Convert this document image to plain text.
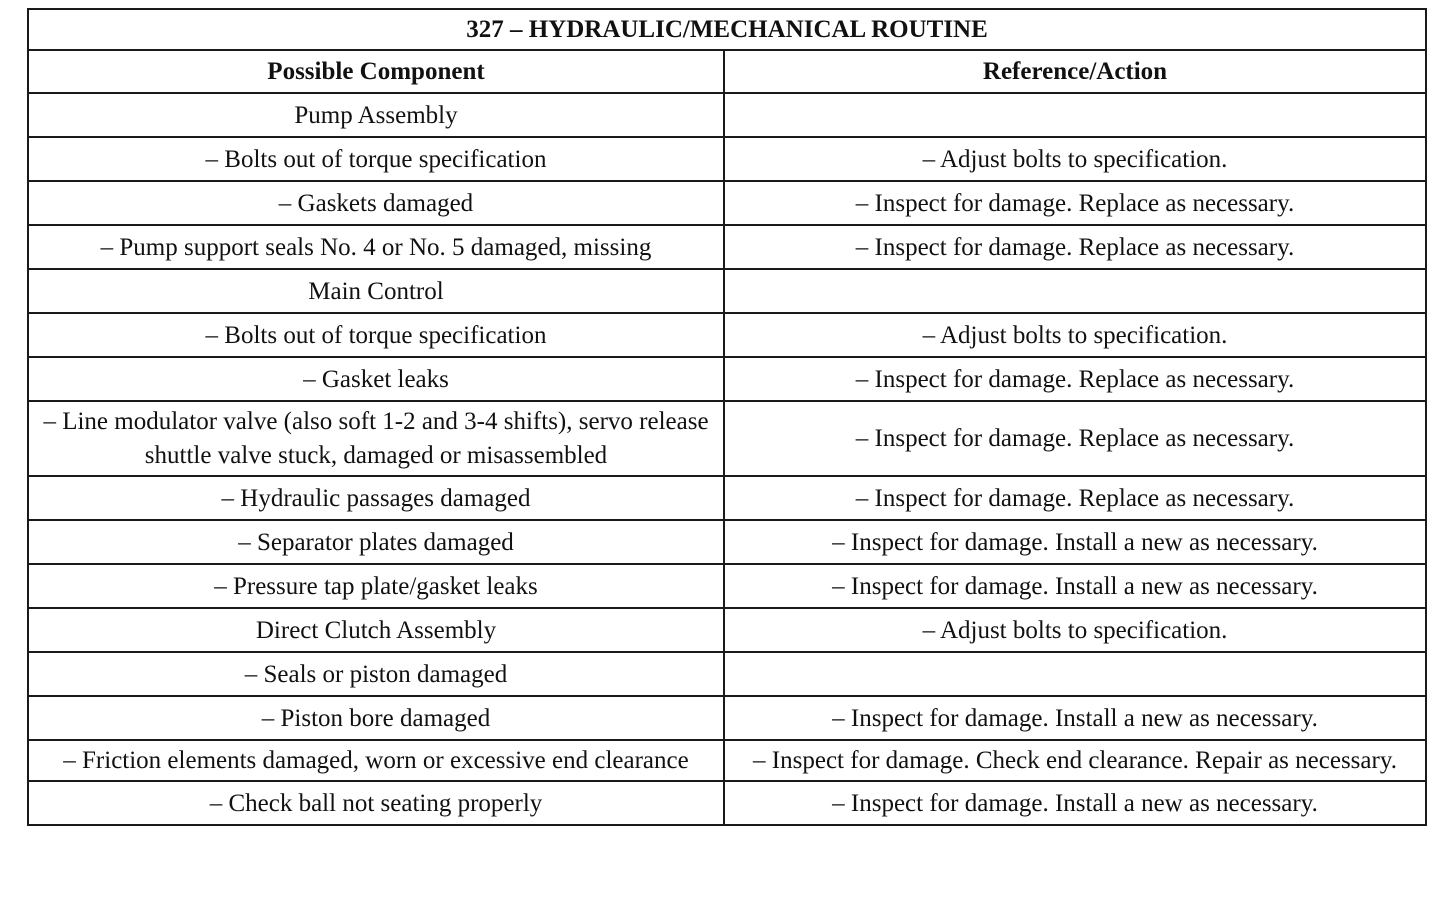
327 – HYDRAULIC/MECHANICAL ROUTINE	
Possible Component	Reference/Action
Pump Assembly	
– Bolts out of torque specification	– Adjust bolts to specification.
– Gaskets damaged	– Inspect for damage. Replace as necessary.
– Pump support seals No. 4 or No. 5 damaged, missing	– Inspect for damage. Replace as necessary.
Main Control	
– Bolts out of torque specification	– Adjust bolts to specification.
– Gasket leaks	– Inspect for damage. Replace as necessary.
– Line modulator valve (also soft 1-2 and 3-4 shifts), servo release shuttle valve stuck, damaged or misassembled	– Inspect for damage. Replace as necessary.
– Hydraulic passages damaged	– Inspect for damage. Replace as necessary.
– Separator plates damaged	– Inspect for damage. Install a new as necessary.
– Pressure tap plate/gasket leaks	– Inspect for damage. Install a new as necessary.
Direct Clutch Assembly	– Adjust bolts to specification.
– Seals or piston damaged	
– Piston bore damaged	– Inspect for damage. Install a new as necessary.
– Friction elements damaged, worn or excessive end clearance	– Inspect for damage. Check end clearance. Repair as necessary.
– Check ball not seating properly	– Inspect for damage. Install a new as necessary.
